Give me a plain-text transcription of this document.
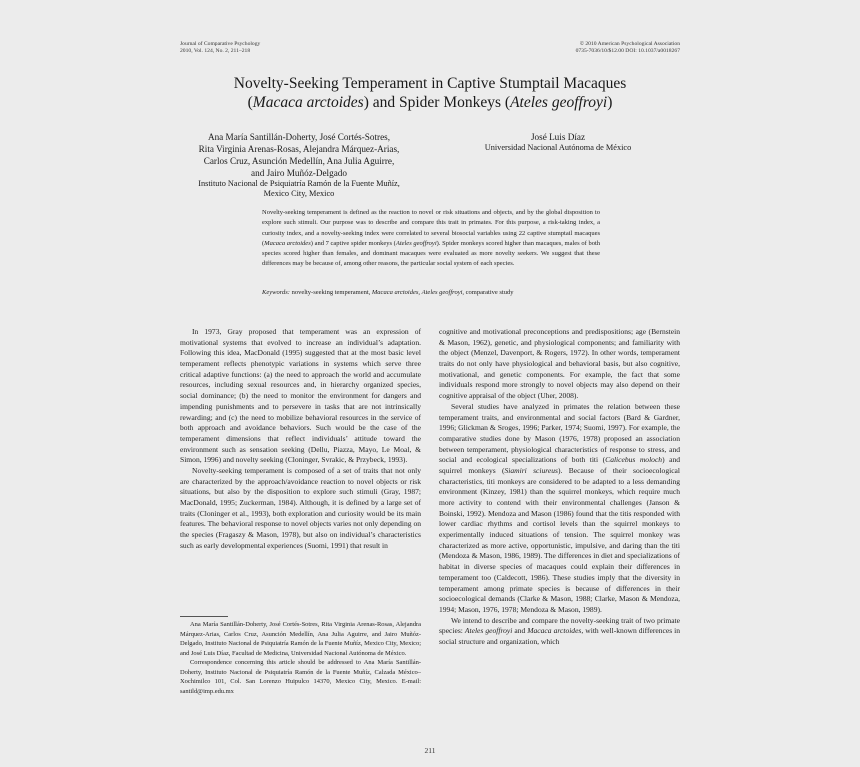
Journal of Comparative Psychology
2010, Vol. 124, No. 2, 211–218
© 2010 American Psychological Association
0735-7036/10/$12.00 DOI: 10.1037/a0018267
Novelty-Seeking Temperament in Captive Stumptail Macaques
(Macaca arctoides) and Spider Monkeys (Ateles geoffroyi)
Ana María Santillán-Doherty, José Cortés-Sotres,
Rita Virginia Arenas-Rosas, Alejandra Márquez-Arias,
Carlos Cruz, Asunción Medellín, Ana Julia Aguirre,
and Jairo Muñóz-Delgado
Instituto Nacional de Psiquiatría Ramón de la Fuente Muñíz,
Mexico City, Mexico
José Luis Díaz
Universidad Nacional Autónoma de México
Novelty-seeking temperament is defined as the reaction to novel or risk situations and objects, and by the global disposition to explore such stimuli. Our purpose was to describe and compare this trait in primates. For this purpose, a risk-taking index, a curiosity index, and a novelty-seeking index were correlated to several biosocial variables using 22 captive stumptail macaques (Macaca arctoides) and 7 captive spider monkeys (Ateles geoffroyi). Spider monkeys scored higher than macaques, males of both species scored higher than females, and dominant macaques were evaluated as more novelty seekers. We suggest that these differences may be because of, among other reasons, the particular social system of each species.
Keywords: novelty-seeking temperament, Macaca arctoides, Ateles geoffroyi, comparative study

In 1973, Gray proposed that temperament was an expression of motivational systems that evolved to increase an individual’s adaptation. Following this idea, MacDonald (1995) suggested that at the most basic level temperament reflects phenotypic variations in systems which serve three critical adaptive functions: (a) the need to approach the world and accumulate resources, including sexual resources and, in hierarchy organized species, social dominance; (b) the need to monitor the environment for dangers and impending punishments and to persevere in tasks that are not intrinsically rewarding; and (c) the need to mobilize behavioral resources in the service of both approach and avoidance behaviors. Such would be the case of the temperament dimensions that reflect individuals’ attitude toward the environment such as sensation seeking (Dellu, Piazza, Mayo, Le Moal, & Simon, 1996) and novelty seeking (Cloninger, Svrakic, & Przybeck, 1993).

Novelty-seeking temperament is composed of a set of traits that not only are characterized by the approach/avoidance reaction to novel objects or risk situations, but also by the disposition to explore such stimuli (Gray, 1987; MacDonald, 1995; Zuckerman, 1984). Although, it is defined by a large set of traits (Cloninger et al., 1993), both exploration and curiosity would be its main features. The behavioral response to novel objects varies not only depending on the species (Fragaszy & Mason, 1978), but also on individual’s characteristics such as early developmental experiences (Suomi, 1991) that result in

cognitive and motivational preconceptions and predispositions; age (Bernstein & Mason, 1962), genetic, and physiological components; and familiarity with the object (Menzel, Davenport, & Rogers, 1972). In other words, temperament traits do not only have physiological and behavioral basis, but also cognitive, motivational, and genetic components. For example, the fact that some individuals respond more strongly to novel objects may also depend on their cognitive appraisal of the object (Uher, 2008).

Several studies have analyzed in primates the relation between these temperament traits, and environmental and social factors (Bard & Gardner, 1996; Glickman & Sroges, 1996; Parker, 1974; Suomi, 1997). For example, the comparative studies done by Mason (1976, 1978) proposed an association between temperament, physiological characteristics of response to stress, and social and ecological specializations of both titi (Calicebus moloch) and squirrel monkeys (Siamiri sciureus). Because of their socioecological characteristics, titi monkeys are considered to be adapted to a less demanding environment (Kinzey, 1981) than the squirrel monkeys, which require much more activity to contend with their environmental challenges (Janson & Boinski, 1992). Mendoza and Mason (1986) found that the titis responded with lower cardiac rhythms and cortisol levels than the squirrel monkeys to experimentally induced situations of tension. The squirrel monkey was characterized as more active, opportunistic, impulsive, and daring than the titi (Mendoza & Mason, 1986, 1989). The differences in diet and specializations of habitat in diverse species of macaques could explain their differences in temperament too (Caldecott, 1986). These studies imply that the diversity in temperament among primate species is because of differences in their socioecological demands (Clarke & Mason, 1988; Clarke, Mason & Mendoza, 1994; Mason, 1976, 1978; Mendoza & Mason, 1989).

We intend to describe and compare the novelty-seeking trait of two primate species: Ateles geoffroyi and Macaca arctoides, with well-known differences in social structure and organization, which

Ana María Santillán-Doherty, José Cortés-Sotres, Rita Virginia Arenas-Rosas, Alejandra Márquez-Arias, Carlos Cruz, Asunción Medellín, Ana Julia Aguirre, and Jairo Muñóz-Delgado, Instituto Nacional de Psiquiatría Ramón de la Fuente Muñíz, Mexico City, Mexico; and José Luis Díaz, Facultad de Medicina, Universidad Nacional Autónoma de México.

Correspondence concerning this article should be addressed to Ana María Santillán-Doherty, Instituto Nacional de Psiquiatría Ramón de la Fuente Muñíz, Calzada México–Xochimilco 101, Col. San Lorenzo Huipulco 14370, Mexico City, Mexico. E-mail: santild@imp.edu.mx

211
